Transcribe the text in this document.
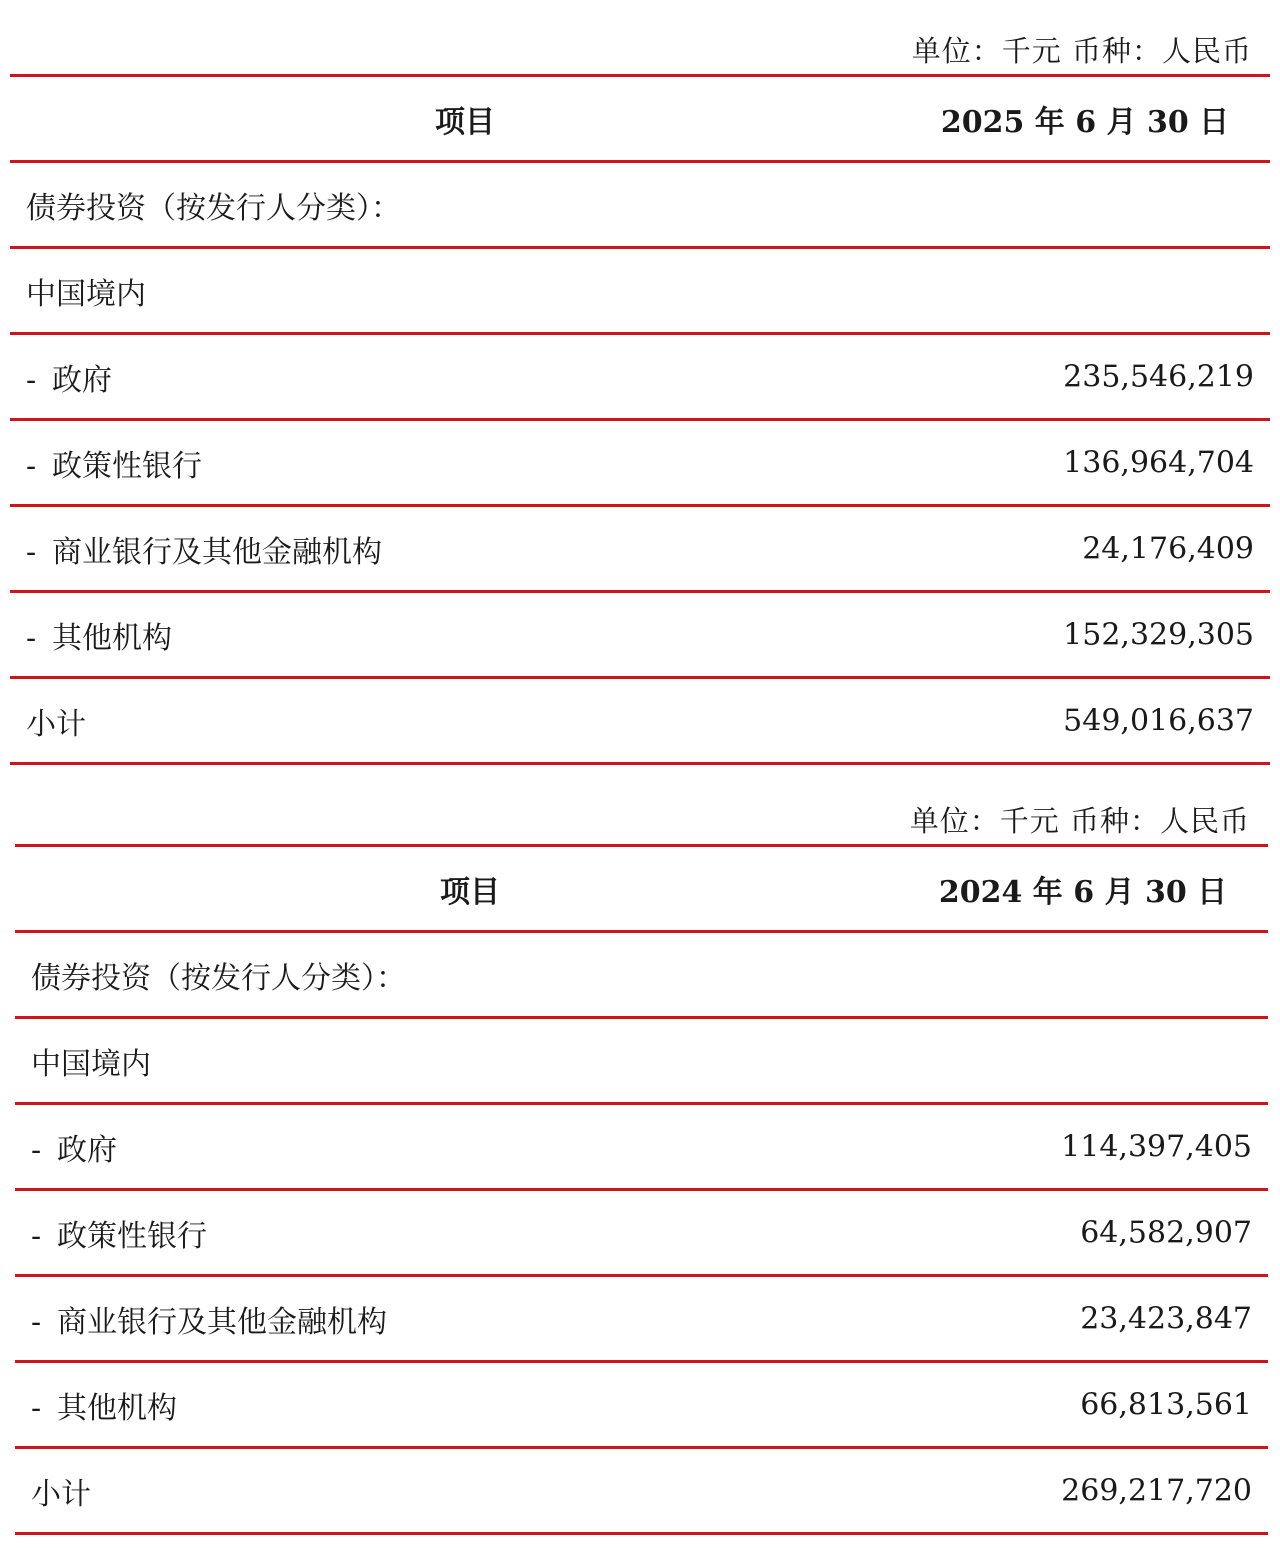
单位：千元 币种：人民币
项目	2025 年 6 月 30 日
债券投资（按发行人分类）：
中国境内
- 政府	235,546,219
- 政策性银行	136,964,704
- 商业银行及其他金融机构	24,176,409
- 其他机构	152,329,305
小计	549,016,637
单位：千元 币种：人民币
项目	2024 年 6 月 30 日
债券投资（按发行人分类）：
中国境内
- 政府	114,397,405
- 政策性银行	64,582,907
- 商业银行及其他金融机构	23,423,847
- 其他机构	66,813,561
小计	269,217,720
